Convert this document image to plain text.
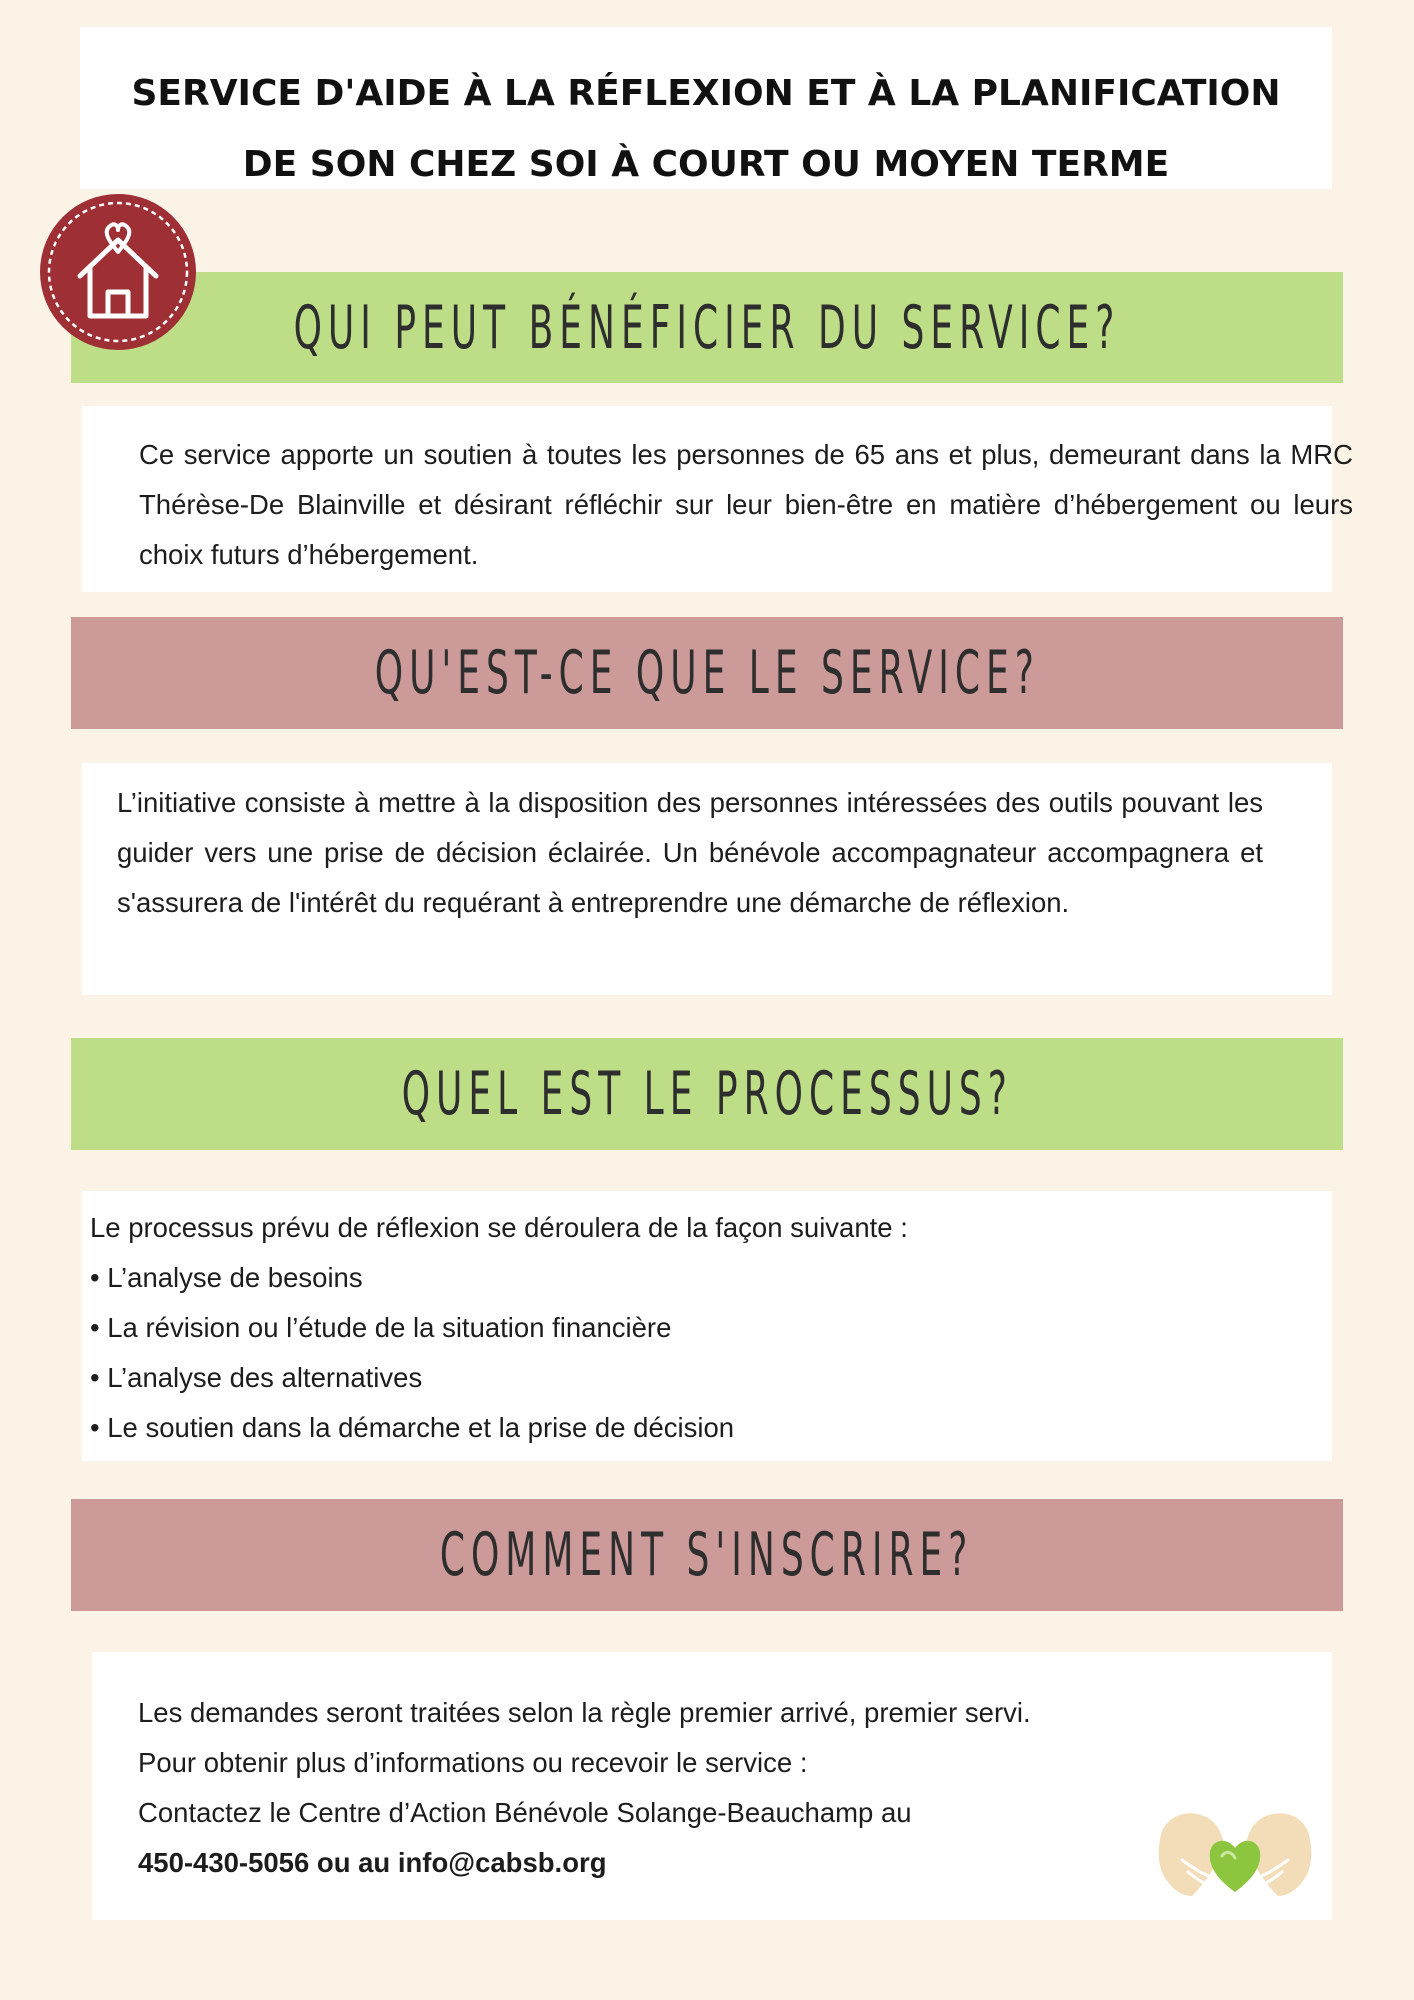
SERVICE D'AIDE À LA RÉFLEXION ET À LA PLANIFICATION
DE SON CHEZ SOI À COURT OU MOYEN TERME
QUI PEUT BÉNÉFICIER DU SERVICE?

Ce service apporte un soutien à toutes les personnes de 65 ans et plus, demeurant dans la MRC Thérèse-De Blainville et désirant réfléchir sur leur bien-être en matière d’hébergement ou leurs choix futurs d’hébergement.

QU'EST-CE QUE LE SERVICE?

L’initiative consiste à mettre à la disposition des personnes intéressées des outils pouvant les guider vers une prise de décision éclairée. Un bénévole accompagnateur accompagnera et s'assurera de l'intérêt du requérant à entreprendre une démarche de réflexion.

QUEL EST LE PROCESSUS?

Le processus prévu de réflexion se déroulera de la façon suivante :

• L’analyse de besoins

• La révision ou l’étude de la situation financière

• L’analyse des alternatives

• Le soutien dans la démarche et la prise de décision

COMMENT S'INSCRIRE?

Les demandes seront traitées selon la règle premier arrivé, premier servi.

Pour obtenir plus d’informations ou recevoir le service :

Contactez le Centre d’Action Bénévole Solange-Beauchamp au

450-430-5056 ou au info@cabsb.org
